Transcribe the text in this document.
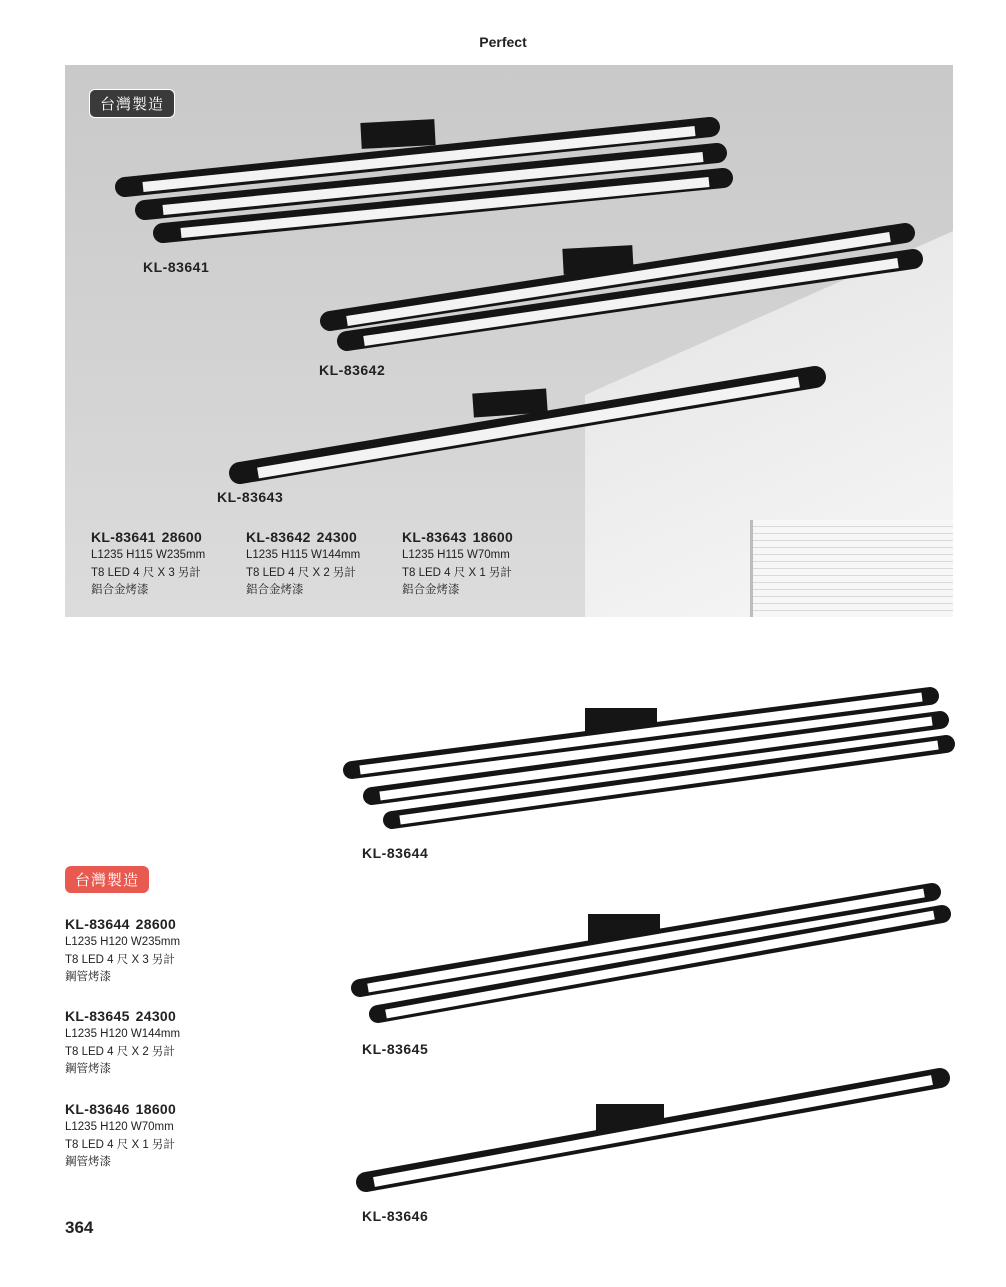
Perfect
台灣製造
KL-83641
KL-83642
KL-83643
KL-83641 28600
L1235 H115 W235mm
T8 LED 4 尺 X 3 另計
鋁合金烤漆
KL-83642 24300
L1235 H115 W144mm
T8 LED 4 尺 X 2 另計
鋁合金烤漆
KL-83643 18600
L1235 H115 W70mm
T8 LED 4 尺 X 1 另計
鋁合金烤漆
KL-83644
KL-83645
KL-83646
台灣製造
KL-83644 28600
L1235 H120 W235mm
T8 LED 4 尺 X 3 另計
鋼管烤漆
KL-83645 24300
L1235 H120 W144mm
T8 LED 4 尺 X 2 另計
鋼管烤漆
KL-83646 18600
L1235 H120 W70mm
T8 LED 4 尺 X 1 另計
鋼管烤漆
364
